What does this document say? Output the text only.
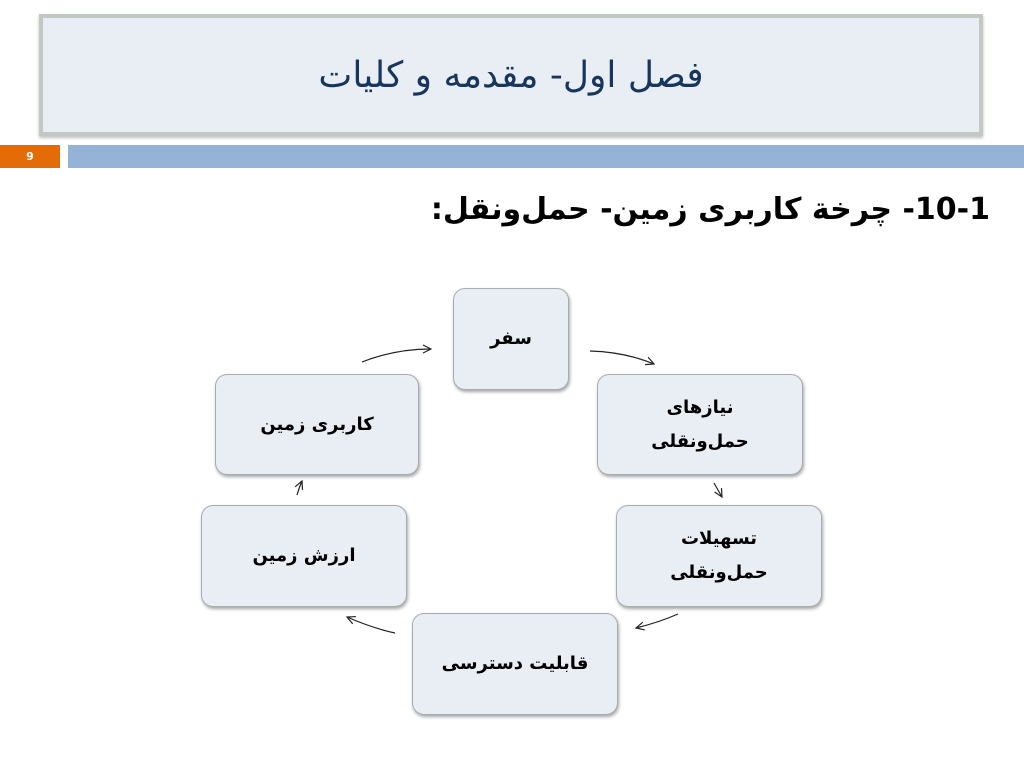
فصل اول- مقدمه و کلیات
9
10-1- چرخة کاربری زمین- حمل‌ونقل:
سفر
نیازهای حمل‌ونقلی
تسهیلات حمل‌ونقلی
قابلیت دسترسی
ارزش زمین
کاربری زمین
